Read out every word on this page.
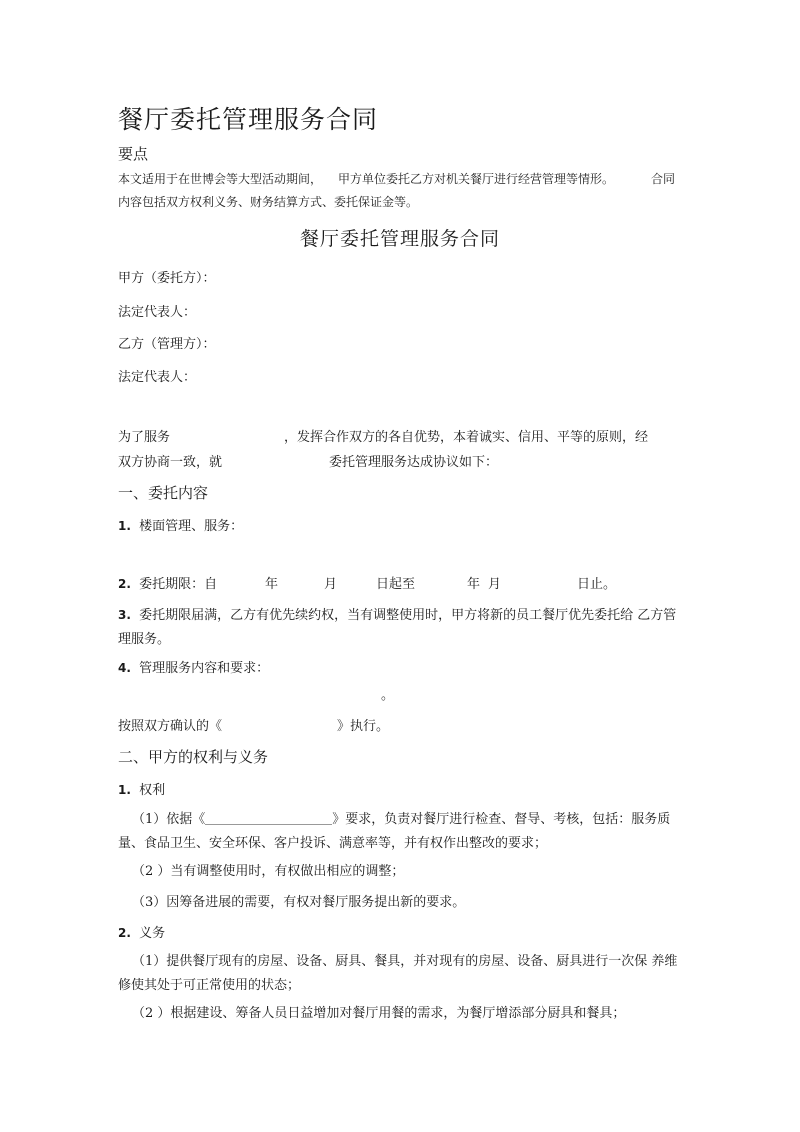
餐厅委托管理服务合同
要点
本文适用于在世博会等大型活动期间， 甲方单位委托乙方对机关餐厅进行经营管理等情形。	合同
内容包括双方权利义务、财务结算方式、委托保证金等。
餐厅委托管理服务合同
甲方（委托方）：
法定代表人：
乙方（管理方）：
法定代表人：
为了服务	，发挥合作双方的各自优势，本着诚实、信用、平等的原则，经
双方协商一致，就	委托管理服务达成协议如下：
一、委托内容
1. 楼面管理、服务：
2. 委托期限：自	年	月	日起至	年 月	日止。
3. 委托期限届满，乙方有优先续约权，当有调整使用时，甲方将新的员工餐厅优先委托给 乙方管
理服务。
4. 管理服务内容和要求：
。
按照双方确认的《	》执行。
二、甲方的权利与义务
1. 权利
（1）依据《	》要求，负责对餐厅进行检查、督导、考核，包括：服务质
量、食品卫生、安全环保、客户投诉、满意率等，并有权作出整改的要求；
（2 ）当有调整使用时，有权做出相应的调整；
（3）因筹备进展的需要，有权对餐厅服务提出新的要求。
2. 义务
（1）提供餐厅现有的房屋、设备、厨具、餐具，并对现有的房屋、设备、厨具进行一次保 养维
修使其处于可正常使用的状态；
（2 ）根据建设、筹备人员日益增加对餐厅用餐的需求，为餐厅增添部分厨具和餐具；
